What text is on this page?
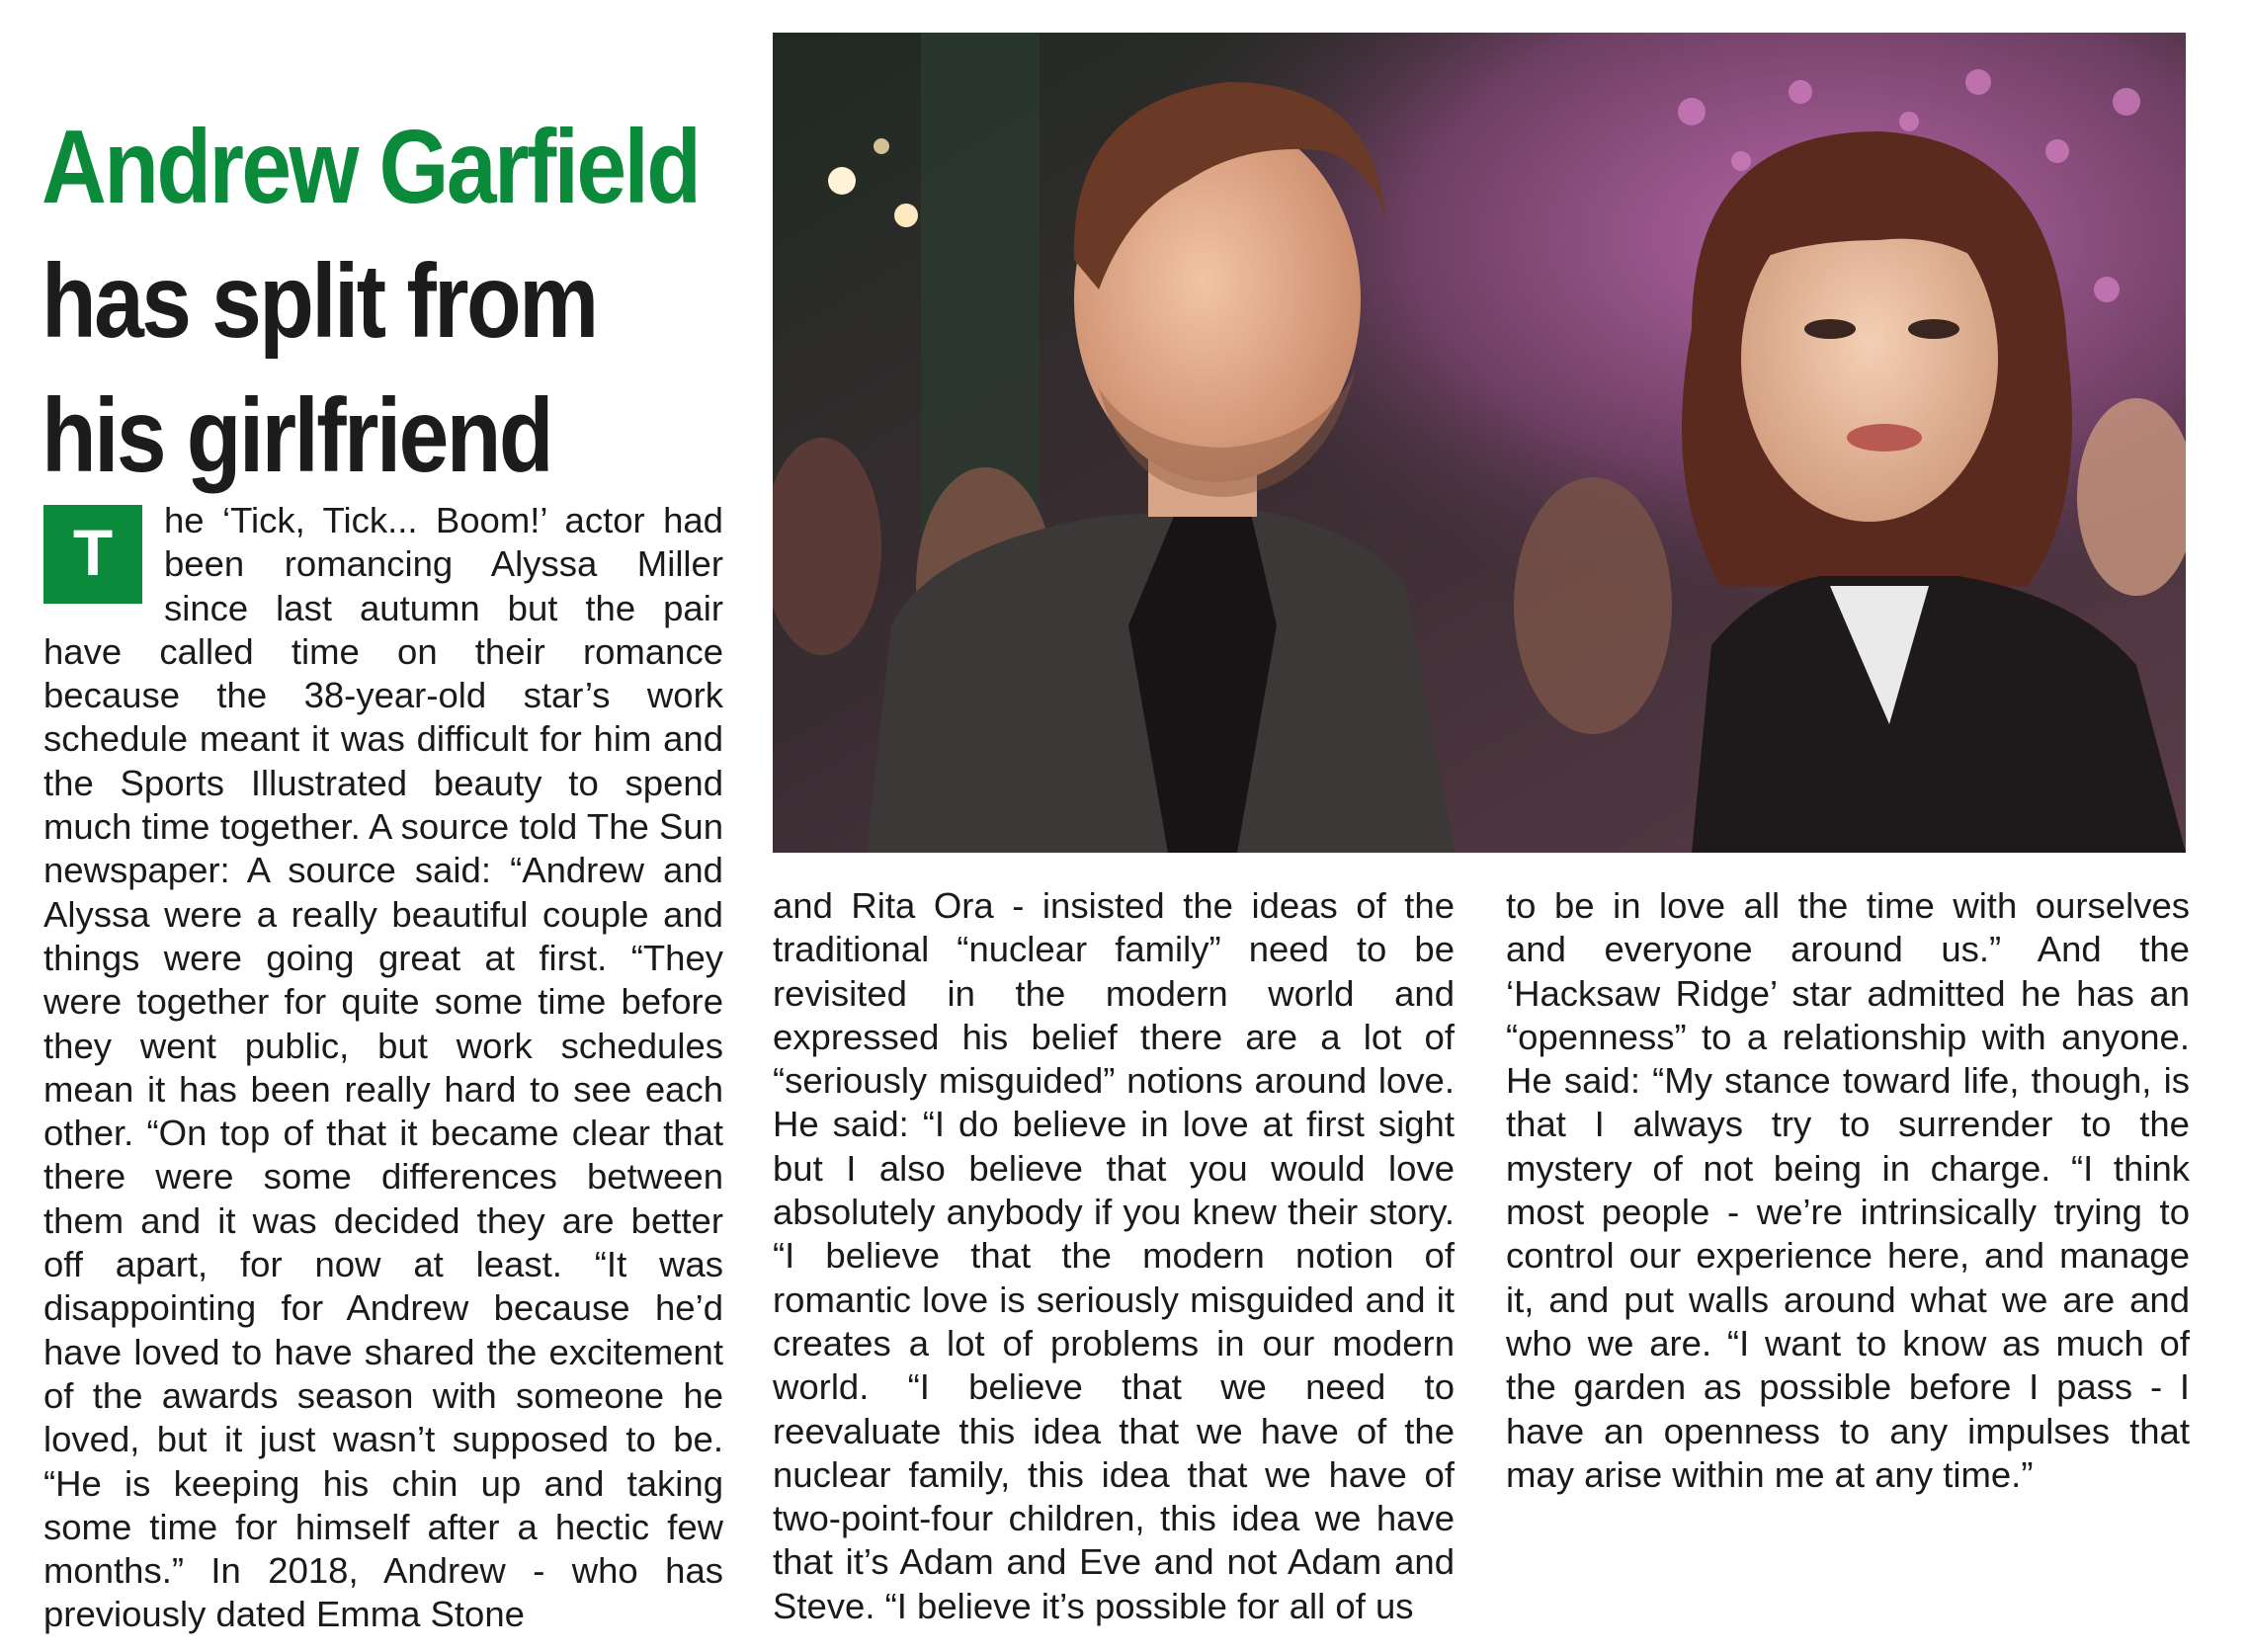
Andrew Garfield
has split from
his girlfriend
T	he ‘Tick, Tick... Boom!’ actor had been romancing Alyssa Miller since last autumn but the pair have called time on their romance because the 38-year-old star’s work schedule meant it was difficult for him and the Sports Illustrated beauty to spend much time together. A source told The Sun newspaper: A source said: “Andrew and Alyssa were a really beautiful couple and things were going great at first. “They were together for quite some time before they went public, but work schedules mean it has been really hard to see each other. “On top of that it became clear that there were some differences between them and it was decided they are better off apart, for now at least. “It was disappointing for Andrew because he’d have loved to have shared the excitement of the awards season with someone he loved, but it just wasn’t supposed to be. “He is keeping his chin up and taking some time for himself after a hectic few months.” In 2018, Andrew - who has previously dated Emma Stone
and Rita Ora - insisted the ideas of the traditional “nuclear family” need to be revisited in the modern world and expressed his belief there are a lot of “seriously misguided” notions around love. He said: “I do believe in love at first sight but I also believe that you would love absolutely anybody if you knew their story. “I believe that the modern notion of romantic love is seriously misguided and it creates a lot of problems in our modern world. “I believe that we need to reevaluate this idea that we have of the nuclear family, this idea that we have of two-point-four children, this idea we have that it’s Adam and Eve and not Adam and Steve. “I believe it’s possible for all of us
to be in love all the time with ourselves and everyone around us.” And the ‘Hacksaw Ridge’ star admitted he has an “openness” to a relationship with anyone. He said: “My stance toward life, though, is that I always try to surrender to the mystery of not being in charge. “I think most people - we’re intrinsically trying to control our experience here, and manage it, and put walls around what we are and who we are. “I want to know as much of the garden as possible before I pass - I have an openness to any impulses that may arise within me at any time.”
